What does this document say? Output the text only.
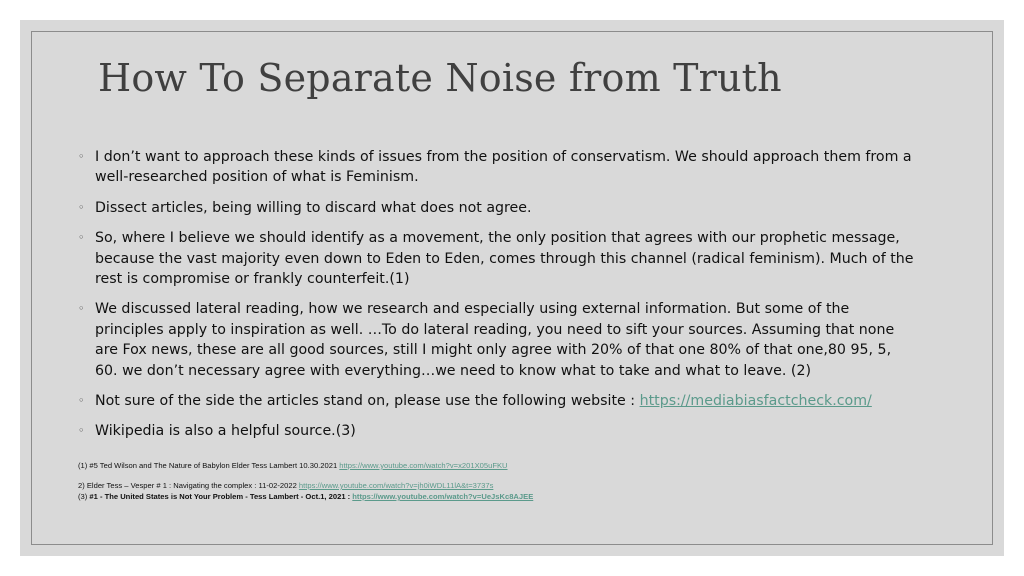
How To Separate Noise from Truth
◦ I don’t want to approach these kinds of issues from the position of conservatism. We should approach them from a well-researched position of what is Feminism.
◦ Dissect articles, being willing to discard what does not agree.
◦ So, where I believe we should identify as a movement, the only position that agrees with our prophetic message, because the vast majority even down to Eden to Eden, comes through this channel (radical feminism). Much of the rest is compromise or frankly counterfeit.(1)
◦ We discussed lateral reading, how we research and especially using external information. But some of the principles apply to inspiration as well. …To do lateral reading, you need to sift your sources. Assuming that none are Fox news, these are all good sources, still I might only agree with 20% of that one 80% of that one,80 95, 5, 60. we don’t necessary agree with everything…we need to know what to take and what to leave. (2)
◦ Not sure of the side the articles stand on, please use the following website : https://mediabiasfactcheck.com/
◦ Wikipedia is also a helpful source.(3)
(1) #5 Ted Wilson and The Nature of Babylon Elder Tess Lambert 10.30.2021 https://www.youtube.com/watch?v=x201X05uFKU
2) Elder Tess – Vesper # 1 : Navigating the complex : 11-02-2022 https://www.youtube.com/watch?v=jh0iWDL11lA&t=3737s
(3) #1 - The United States is Not Your Problem - Tess Lambert - Oct.1, 2021 : https://www.youtube.com/watch?v=UeJsKc8AJEE
